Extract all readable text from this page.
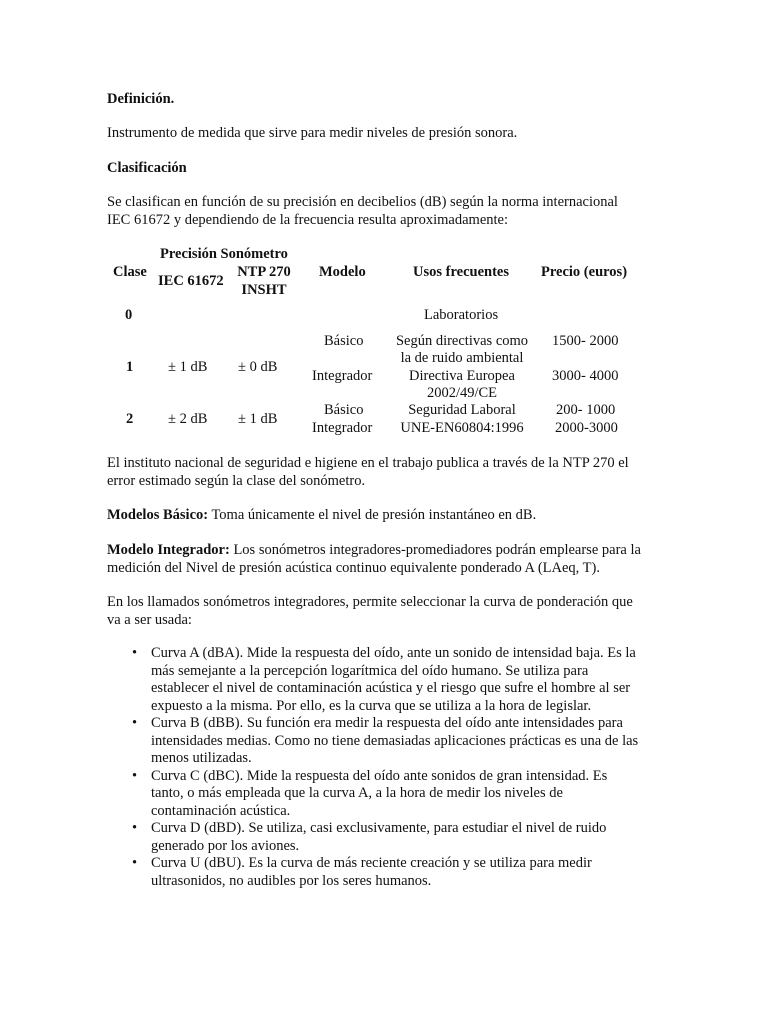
Definición.

Instrumento de medida que sirve para medir niveles de presión sonora.

Clasificación

Se clasifican en función de su precisión en decibelios (dB) según la norma internacional
IEC 61672 y dependiendo de la frecuencia resulta aproximadamente:
Clase
Precisión Sonómetro
IEC 61672
NTP 270
INSHT
Modelo	Usos frecuentes Precio (euros)
0	Laboratorios
1 ± 1 dB ± 0 dB
Básico
Integrador
Según directivas como
la de ruido ambiental
Directiva Europea
2002/49/CE
1500- 2000
3000- 4000
2 ± 2 dB ± 1 dB
Básico
Integrador
Seguridad Laboral
UNE-EN60804:1996
200- 1000
2000-3000
El instituto nacional de seguridad e higiene en el trabajo publica a través de la NTP 270 el
error estimado según la clase del sonómetro.

Modelos Básico: Toma únicamente el nivel de presión instantáneo en dB.

Modelo Integrador: Los sonómetros integradores-promediadores podrán emplearse para la
medición del Nivel de presión acústica continuo equivalente ponderado A (LAeq, T).
En los llamados sonómetros integradores, permite seleccionar la curva de ponderación que
va a ser usada:
• Curva A (dBA). Mide la respuesta del oído, ante un sonido de intensidad baja. Es la
más semejante a la percepción logarítmica del oído humano. Se utiliza para
establecer el nivel de contaminación acústica y el riesgo que sufre el hombre al ser
expuesto a la misma. Por ello, es la curva que se utiliza a la hora de legislar.
• Curva B (dBB). Su función era medir la respuesta del oído ante intensidades para
intensidades medias. Como no tiene demasiadas aplicaciones prácticas es una de las
menos utilizadas.
• Curva C (dBC). Mide la respuesta del oído ante sonidos de gran intensidad. Es
tanto, o más empleada que la curva A, a la hora de medir los niveles de
contaminación acústica.
• Curva D (dBD). Se utiliza, casi exclusivamente, para estudiar el nivel de ruido
generado por los aviones.
• Curva U (dBU). Es la curva de más reciente creación y se utiliza para medir
ultrasonidos, no audibles por los seres humanos.
